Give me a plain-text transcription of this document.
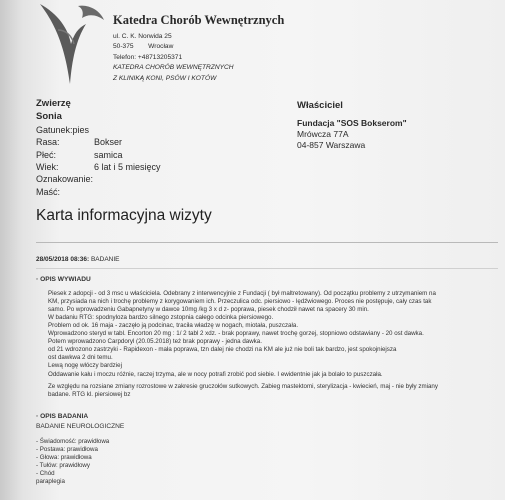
Katedra Chorób Wewnętrznych
ul. C. K. Norwida 25
50-375        Wrocław
Telefon: +48713205371
KATEDRA CHORÓB WEWNĘTRZNYCH
Z KLINIKĄ KONI, PSÓW I KOTÓW
Zwierzę
Sonia
Gatunek:pies
Rasa:	Bokser
Płeć:	samica
Wiek:	6 lat i 5 miesięcy
Oznakowanie:
Maść:
Właściciel
Fundacja "SOS Bokserom"
Mrówcza 77A
04-857 Warszawa
Karta informacyjna wizyty
28/05/2018 08:36: BADANIE
◦ OPIS WYWIADU

Piesek z adopcji - od 3 msc u właściciela. Odebrany z interwencyjnie z Fundacji ( był maltretowany). Od początku problemy z utrzymaniem na

KM, przysiada na nich i trochę problemy z korygowaniem ich. Przeczulica odc. piersiowo - lędźwiowego. Proces nie postępuje, cały czas tak

samo. Po wprowadzeniu Gabapnetyny w dawce 10mg /kg 3 x d z- poprawa, piesek chodził nawet na spacery 30 min.

W badaniu RTG: spodnyloza bardzo silnego zstopnia całego odcinka piersiowego.

Problem od ok. 16 maja - zaczęło ją podcinac, traciła władzę w nogach, miotała, puszczała.

Wprowadzono steryd w tabl. Encorton 20 mg : 1/ 2 tabl 2 xdz. - brak poprawy, nawet trochę gorzej, stopniowo odstawiany - 20 ost dawka.

Potem wprowadzono Carpdoryl (20.05.2018) też brak poprawy - jedna dawka.

od 21 wdrozono zastrzyki - Rapidexon - mała poprawa, tzn dalej nie chodzi na KM ale już nie boli tak bardzo, jest spokojniejsza

ost dawkwa 2 dni temu.

Lewą nogę włóczy bardziej

Oddawanie kału i moczu różnie, raczej trzyma, ale w nocy potrafi zrobić pod siebie. I ewidentnie jak ja bolało to puszczała.

Ze względu na rozsiane zmiany rozrostowe w zakresie gruczołów sutkowych. Zabieg mastektomi, sterylizacja - kwiecień, maj - nie były zmiany

badane. RTG kl. piersiowej bz

◦ OPIS BADANIA

BADANIE NEUROLOGICZNE

- Świadomość: prawidłowa

- Postawa: prawidłowa

- Głowa: prawidłowa

- Tułów: prawidłowy

- Chód

paraplegia
